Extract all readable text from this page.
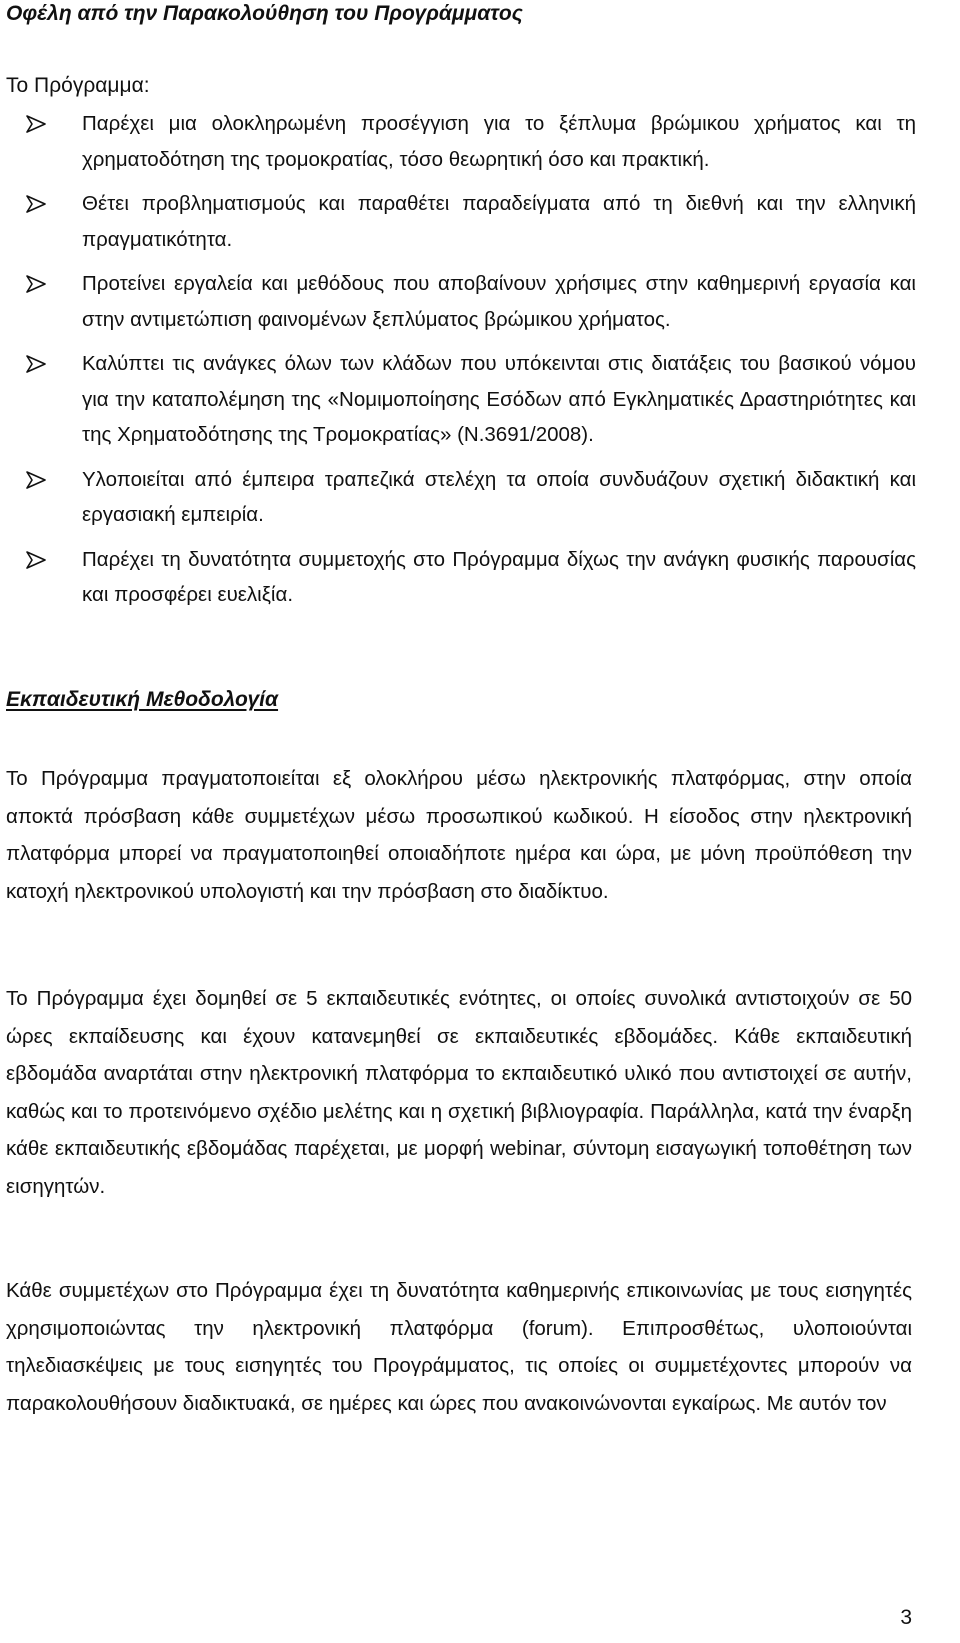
Οφέλη από την Παρακολούθηση του Προγράμματος

Το Πρόγραμμα:

Παρέχει μια ολοκληρωμένη προσέγγιση για το ξέπλυμα βρώμικου χρήματος και τη χρηματοδότηση της τρομοκρατίας, τόσο θεωρητική όσο και πρακτική.
Θέτει προβληματισμούς και παραθέτει παραδείγματα από τη διεθνή και την ελληνική πραγματικότητα.
Προτείνει εργαλεία και μεθόδους που αποβαίνουν χρήσιμες στην καθημερινή εργασία και στην αντιμετώπιση φαινομένων ξεπλύματος βρώμικου χρήματος.
Καλύπτει τις ανάγκες όλων των κλάδων που υπόκεινται στις διατάξεις του βασικού νόμου για την καταπολέμηση της «Νομιμοποίησης Εσόδων από Εγκληματικές Δραστηριότητες και της Χρηματοδότησης της Τρομοκρατίας» (Ν.3691/2008).
Υλοποιείται από έμπειρα τραπεζικά στελέχη τα οποία συνδυάζουν σχετική διδακτική και εργασιακή εμπειρία.
Παρέχει τη δυνατότητα συμμετοχής στο Πρόγραμμα δίχως την ανάγκη φυσικής παρουσίας και προσφέρει ευελιξία.
Εκπαιδευτική Μεθοδολογία

Το Πρόγραμμα πραγματοποιείται εξ ολοκλήρου μέσω ηλεκτρονικής πλατφόρμας, στην οποία αποκτά πρόσβαση κάθε συμμετέχων μέσω προσωπικού κωδικού. Η είσοδος στην ηλεκτρονική πλατφόρμα μπορεί να πραγματοποιηθεί οποιαδήποτε ημέρα και ώρα, με μόνη προϋπόθεση την κατοχή ηλεκτρονικού υπολογιστή και την πρόσβαση στο διαδίκτυο.

Το Πρόγραμμα έχει δομηθεί σε 5 εκπαιδευτικές ενότητες, οι οποίες συνολικά αντιστοιχούν σε 50 ώρες εκπαίδευσης και έχουν κατανεμηθεί σε εκπαιδευτικές εβδομάδες. Κάθε εκπαιδευτική εβδομάδα αναρτάται στην ηλεκτρονική πλατφόρμα το εκπαιδευτικό υλικό που αντιστοιχεί σε αυτήν, καθώς και το προτεινόμενο σχέδιο μελέτης και η σχετική βιβλιογραφία. Παράλληλα, κατά την έναρξη κάθε εκπαιδευτικής εβδομάδας παρέχεται, με μορφή webinar, σύντομη εισαγωγική τοποθέτηση των εισηγητών.

Κάθε συμμετέχων στο Πρόγραμμα έχει τη δυνατότητα καθημερινής επικοινωνίας με τους εισηγητές χρησιμοποιώντας την ηλεκτρονική πλατφόρμα (forum). Επιπροσθέτως, υλοποιούνται τηλεδιασκέψεις με τους εισηγητές του Προγράμματος, τις οποίες οι συμμετέχοντες μπορούν να παρακολουθήσουν διαδικτυακά, σε ημέρες και ώρες που ανακοινώνονται εγκαίρως. Με αυτόν τον

3
